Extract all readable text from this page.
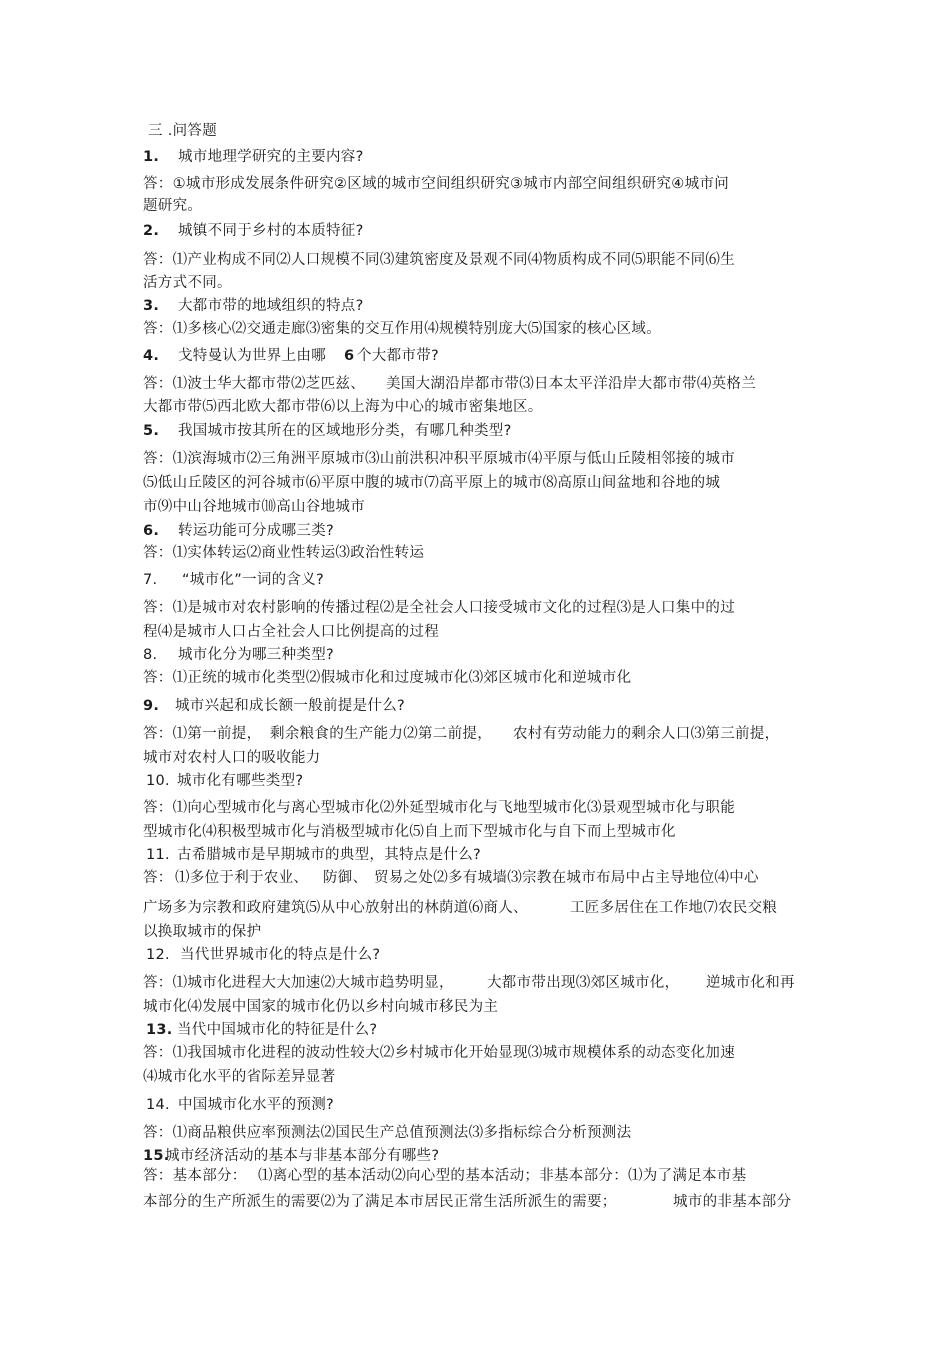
三 .问答题
1. 城市地理学研究的主要内容?
答：①城市形成发展条件研究②区域的城市空间组织研究③城市内部空间组织研究④城市问
题研究。
2. 城镇不同于乡村的本质特征?
答：⑴产业构成不同⑵人口规模不同⑶建筑密度及景观不同⑷物质构成不同⑸职能不同⑹生
活方式不同。
3. 大都市带的地域组织的特点?
答：⑴多核心⑵交通走廊⑶密集的交互作用⑷规模特别庞大⑸国家的核心区域。
4. 戈特曼认为世界上由哪 6 个大都市带?
答：⑴波士华大都市带⑵芝匹兹、 美国大湖沿岸都市带⑶日本太平洋沿岸大都市带⑷英格兰
大都市带⑸西北欧大都市带⑹以上海为中心的城市密集地区。
5. 我国城市按其所在的区域地形分类，有哪几种类型?
答：⑴滨海城市⑵三角洲平原城市⑶山前洪积冲积平原城市⑷平原与低山丘陵相邻接的城市
⑸低山丘陵区的河谷城市⑹平原中腹的城市⑺高平原上的城市⑻高原山间盆地和谷地的城
市⑼中山谷地城市⑽高山谷地城市
6. 转运功能可分成哪三类?
答：⑴实体转运⑵商业性转运⑶政治性转运
7. “城市化”一词的含义?
答：⑴是城市对农村影响的传播过程⑵是全社会人口接受城市文化的过程⑶是人口集中的过
程⑷是城市人口占全社会人口比例提高的过程
8. 城市化分为哪三种类型?
答：⑴正统的城市化类型⑵假城市化和过度城市化⑶郊区城市化和逆城市化
9. 城市兴起和成长额一般前提是什么?
答：⑴第一前提， 剩余粮食的生产能力⑵第二前提， 农村有劳动能力的剩余人口⑶第三前提，
城市对农村人口的吸收能力
10. 城市化有哪些类型?
答：⑴向心型城市化与离心型城市化⑵外延型城市化与飞地型城市化⑶景观型城市化与职能
型城市化⑷积极型城市化与消极型城市化⑸自上而下型城市化与自下而上型城市化
11. 古希腊城市是早期城市的典型，其特点是什么?
答： ⑴多位于利于农业、 防御、 贸易之处⑵多有城墙⑶宗教在城市布局中占主导地位⑷中心
广场多为宗教和政府建筑⑸从中心放射出的林荫道⑹商人、	工匠多居住在工作地⑺农民交粮
以换取城市的保护
12. 当代世界城市化的特点是什么?
答：⑴城市化进程大大加速⑵大城市趋势明显， 大都市带出现⑶郊区城市化， 逆城市化和再
城市化⑷发展中国家的城市化仍以乡村向城市移民为主
13. 当代中国城市化的特征是什么?
答：⑴我国城市化进程的波动性较大⑵乡村城市化开始显现⑶城市规模体系的动态变化加速
⑷城市化水平的省际差异显著
14. 中国城市化水平的预测?
答：⑴商品粮供应率预测法⑵国民生产总值预测法⑶多指标综合分析预测法
15.
城市经济活动的基本与非基本部分有哪些?
答：基本部分： ⑴离心型的基本活动⑵向心型的基本活动；非基本部分：⑴为了满足本市基
本部分的生产所派生的需要⑵为了满足本市居民正常生活所派生的需要；	城市的非基本部分
